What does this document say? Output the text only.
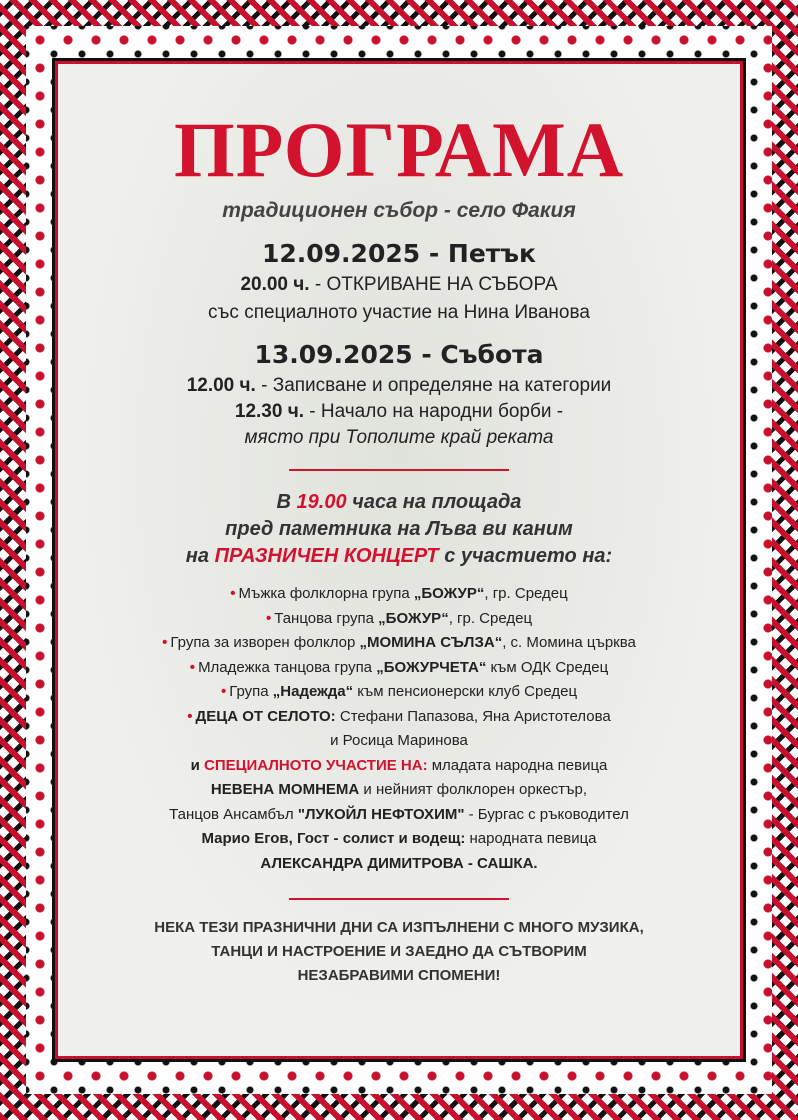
ПРОГРАМА
традиционен събор - село Факия
12.09.2025 - Петък
20.00 ч. - ОТКРИВАНЕ НА СЪБОРА
със специалното участие на Нина Иванова
13.09.2025 - Събота
12.00 ч. - Записване и определяне на категории
12.30 ч. - Начало на народни борби -
място при Тополите край реката
В 19.00 часа на площада
пред паметника на Лъва ви каним
на ПРАЗНИЧЕН КОНЦЕРТ с участието на:
• Мъжка фолклорна група „БОЖУР“, гр. Средец
• Танцова група „БОЖУР“, гр. Средец
• Група за изворен фолклор „МОМИНА СЪЛЗА“, с. Момина църква
• Младежка танцова група „БОЖУРЧЕТА“ към ОДК Средец
• Група „Надежда“ към пенсионерски клуб Средец
• ДЕЦА ОТ СЕЛОТО: Стефани Папазова, Яна Аристотелова
и Росица Маринова
и СПЕЦИАЛНОТО УЧАСТИЕ НА: младата народна певица
НЕВЕНА МОМНЕМА и нейният фолклорен оркестър,
Танцов Ансамбъл "ЛУКОЙЛ НЕФТОХИМ" - Бургас с ръководител
Марио Егов, Гост - солист и водещ: народната певица
АЛЕКСАНДРА ДИМИТРОВА - САШКА.
НЕКА ТЕЗИ ПРАЗНИЧНИ ДНИ СА ИЗПЪЛНЕНИ С МНОГО МУЗИКА,
ТАНЦИ И НАСТРОЕНИЕ И ЗАЕДНО ДА СЪТВОРИМ
НЕЗАБРАВИМИ СПОМЕНИ!
